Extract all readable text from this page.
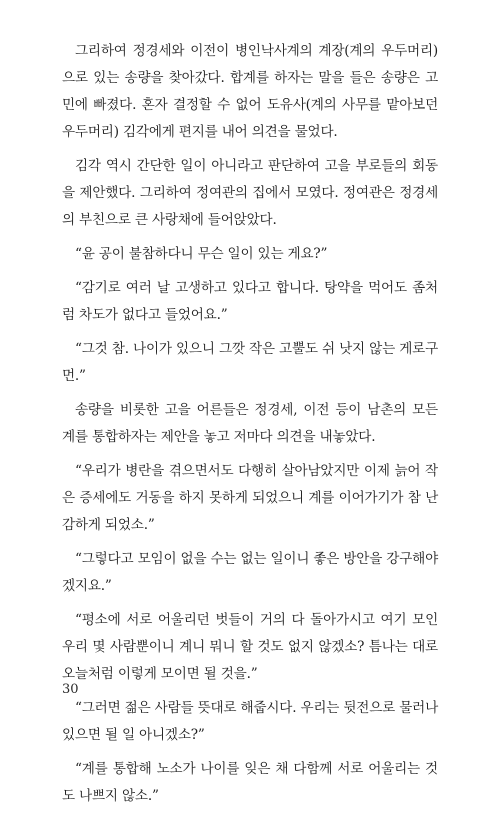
그리하여 정경세와 이전이 병인낙사계의 계장(계의 우두머리)으로 있는 송량을 찾아갔다. 합계를 하자는 말을 들은 송량은 고민에 빠졌다. 혼자 결정할 수 없어 도유사(계의 사무를 맡아보던 우두머리) 김각에게 편지를 내어 의견을 물었다.

김각 역시 간단한 일이 아니라고 판단하여 고을 부로들의 회동을 제안했다. 그리하여 정여관의 집에서 모였다. 정여관은 정경세의 부친으로 큰 사랑채에 들어앉았다.

“윤 공이 불참하다니 무슨 일이 있는 게요?”

“감기로 여러 날 고생하고 있다고 합니다. 탕약을 먹어도 좀처럼 차도가 없다고 들었어요.”

“그것 참. 나이가 있으니 그깟 작은 고뿔도 쉬 낫지 않는 게로구먼.”

송량을 비롯한 고을 어른들은 정경세, 이전 등이 남촌의 모든 계를 통합하자는 제안을 놓고 저마다 의견을 내놓았다.

“우리가 병란을 겪으면서도 다행히 살아남았지만 이제 늙어 작은 증세에도 거동을 하지 못하게 되었으니 계를 이어가기가 참 난감하게 되었소.”

“그렇다고 모임이 없을 수는 없는 일이니 좋은 방안을 강구해야겠지요.”

“평소에 서로 어울리던 벗들이 거의 다 돌아가시고 여기 모인 우리 몇 사람뿐이니 계니 뭐니 할 것도 없지 않겠소? 틈나는 대로 오늘처럼 이렇게 모이면 될 것을.”

“그러면 젊은 사람들 뜻대로 해줍시다. 우리는 뒷전으로 물러나 있으면 될 일 아니겠소?”

“계를 통합해 노소가 나이를 잊은 채 다함께 서로 어울리는 것도 나쁘지 않소.”

30
